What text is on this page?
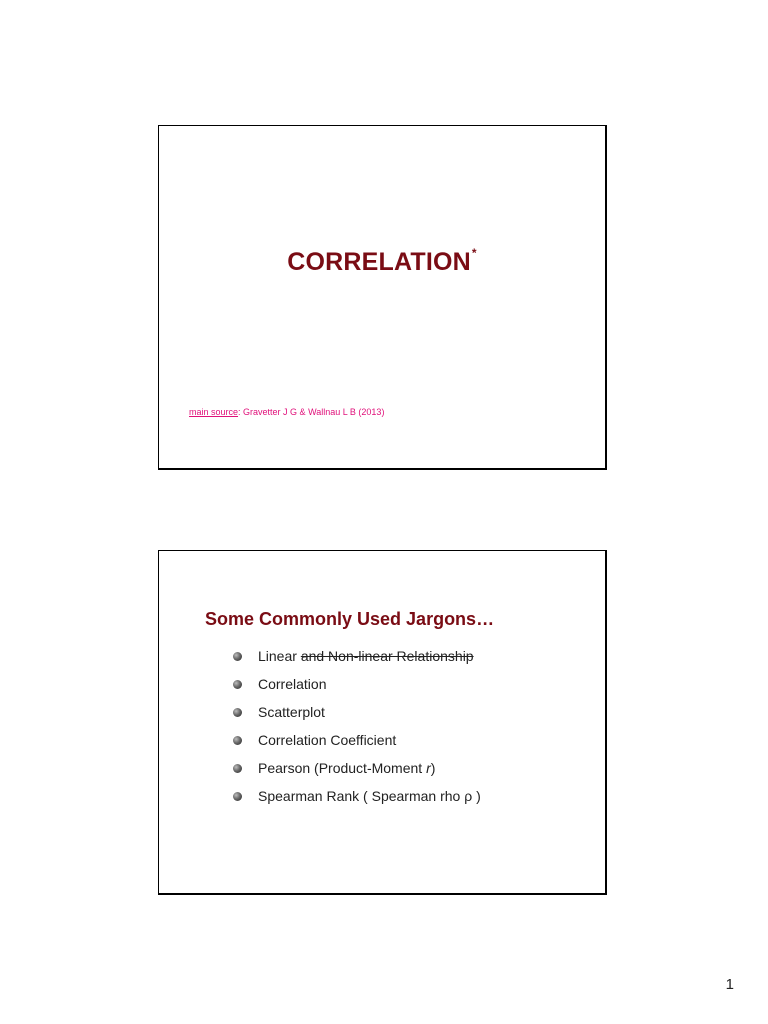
CORRELATION*
main source: Gravetter J G & Wallnau L B (2013)
Some Commonly Used Jargons…
Linear and Non-linear Relationship
Correlation
Scatterplot
Correlation Coefficient
Pearson (Product-Moment r)
Spearman Rank ( Spearman rho ρ )
1
